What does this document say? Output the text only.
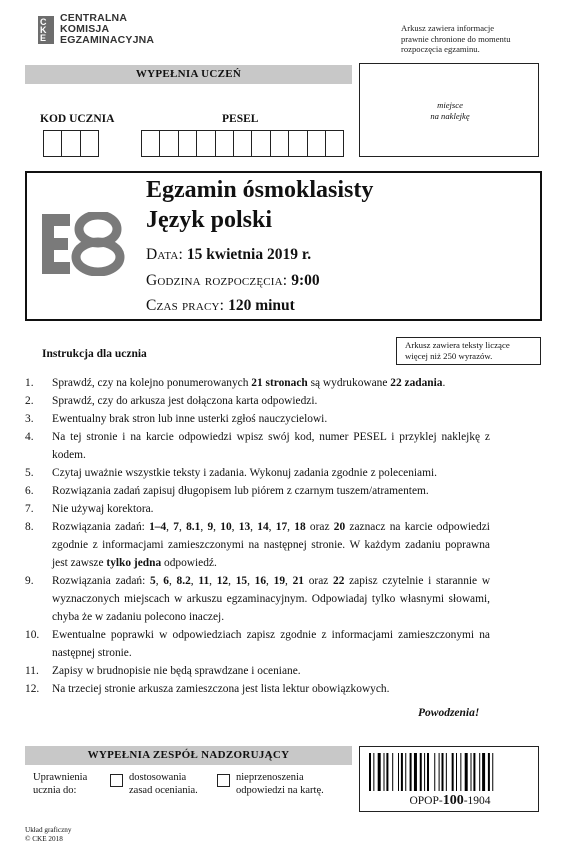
C
K
E
CENTRALNA
KOMISJA
EGZAMINACYJNA
Arkusz zawiera informacje
prawnie chronione do momentu
rozpoczęcia egzaminu.
WYPEŁNIA UCZEŃ
miejsce
na naklejkę
KOD UCZNIA	PESEL
Egzamin ósmoklasisty
Język polski
Data: 15 kwietnia 2019 r.
Godzina rozpoczęcia: 9:00
Czas pracy: 120 minut
Arkusz zawiera teksty liczące
więcej niż 250 wyrazów.
Instrukcja dla ucznia
1.	Sprawdź, czy na kolejno ponumerowanych 21 stronach są wydrukowane 22 zadania.
2.	Sprawdź, czy do arkusza jest dołączona karta odpowiedzi.
3.	Ewentualny brak stron lub inne usterki zgłoś nauczycielowi.
4.	Na tej stronie i na karcie odpowiedzi wpisz swój kod, numer PESEL i przyklej naklejkę z kodem.
5.	Czytaj uważnie wszystkie teksty i zadania. Wykonuj zadania zgodnie z poleceniami.
6.	Rozwiązania zadań zapisuj długopisem lub piórem z czarnym tuszem/atramentem.
7.	Nie używaj korektora.
8.	Rozwiązania zadań: 1–4, 7, 8.1, 9, 10, 13, 14, 17, 18 oraz 20 zaznacz na karcie odpowiedzi zgodnie z informacjami zamieszczonymi na następnej stronie. W każdym zadaniu poprawna jest zawsze tylko jedna odpowiedź.
9.	Rozwiązania zadań: 5, 6, 8.2, 11, 12, 15, 16, 19, 21 oraz 22 zapisz czytelnie i starannie w wyznaczonych miejscach w arkuszu egzaminacyjnym. Odpowiadaj tylko własnymi słowami, chyba że w zadaniu polecono inaczej.
10.	Ewentualne poprawki w odpowiedziach zapisz zgodnie z informacjami zamieszczonymi na następnej stronie.
11.	Zapisy w brudnopisie nie będą sprawdzane i oceniane.
12.	Na trzeciej stronie arkusza zamieszczona jest lista lektur obowiązkowych.
Powodzenia!
WYPEŁNIA ZESPÓŁ NADZORUJĄCY
Uprawnienia
ucznia do:
dostosowania
zasad oceniania.
nieprzenoszenia
odpowiedzi na kartę.
OPOP-100-1904
Układ graficzny
© CKE 2018
